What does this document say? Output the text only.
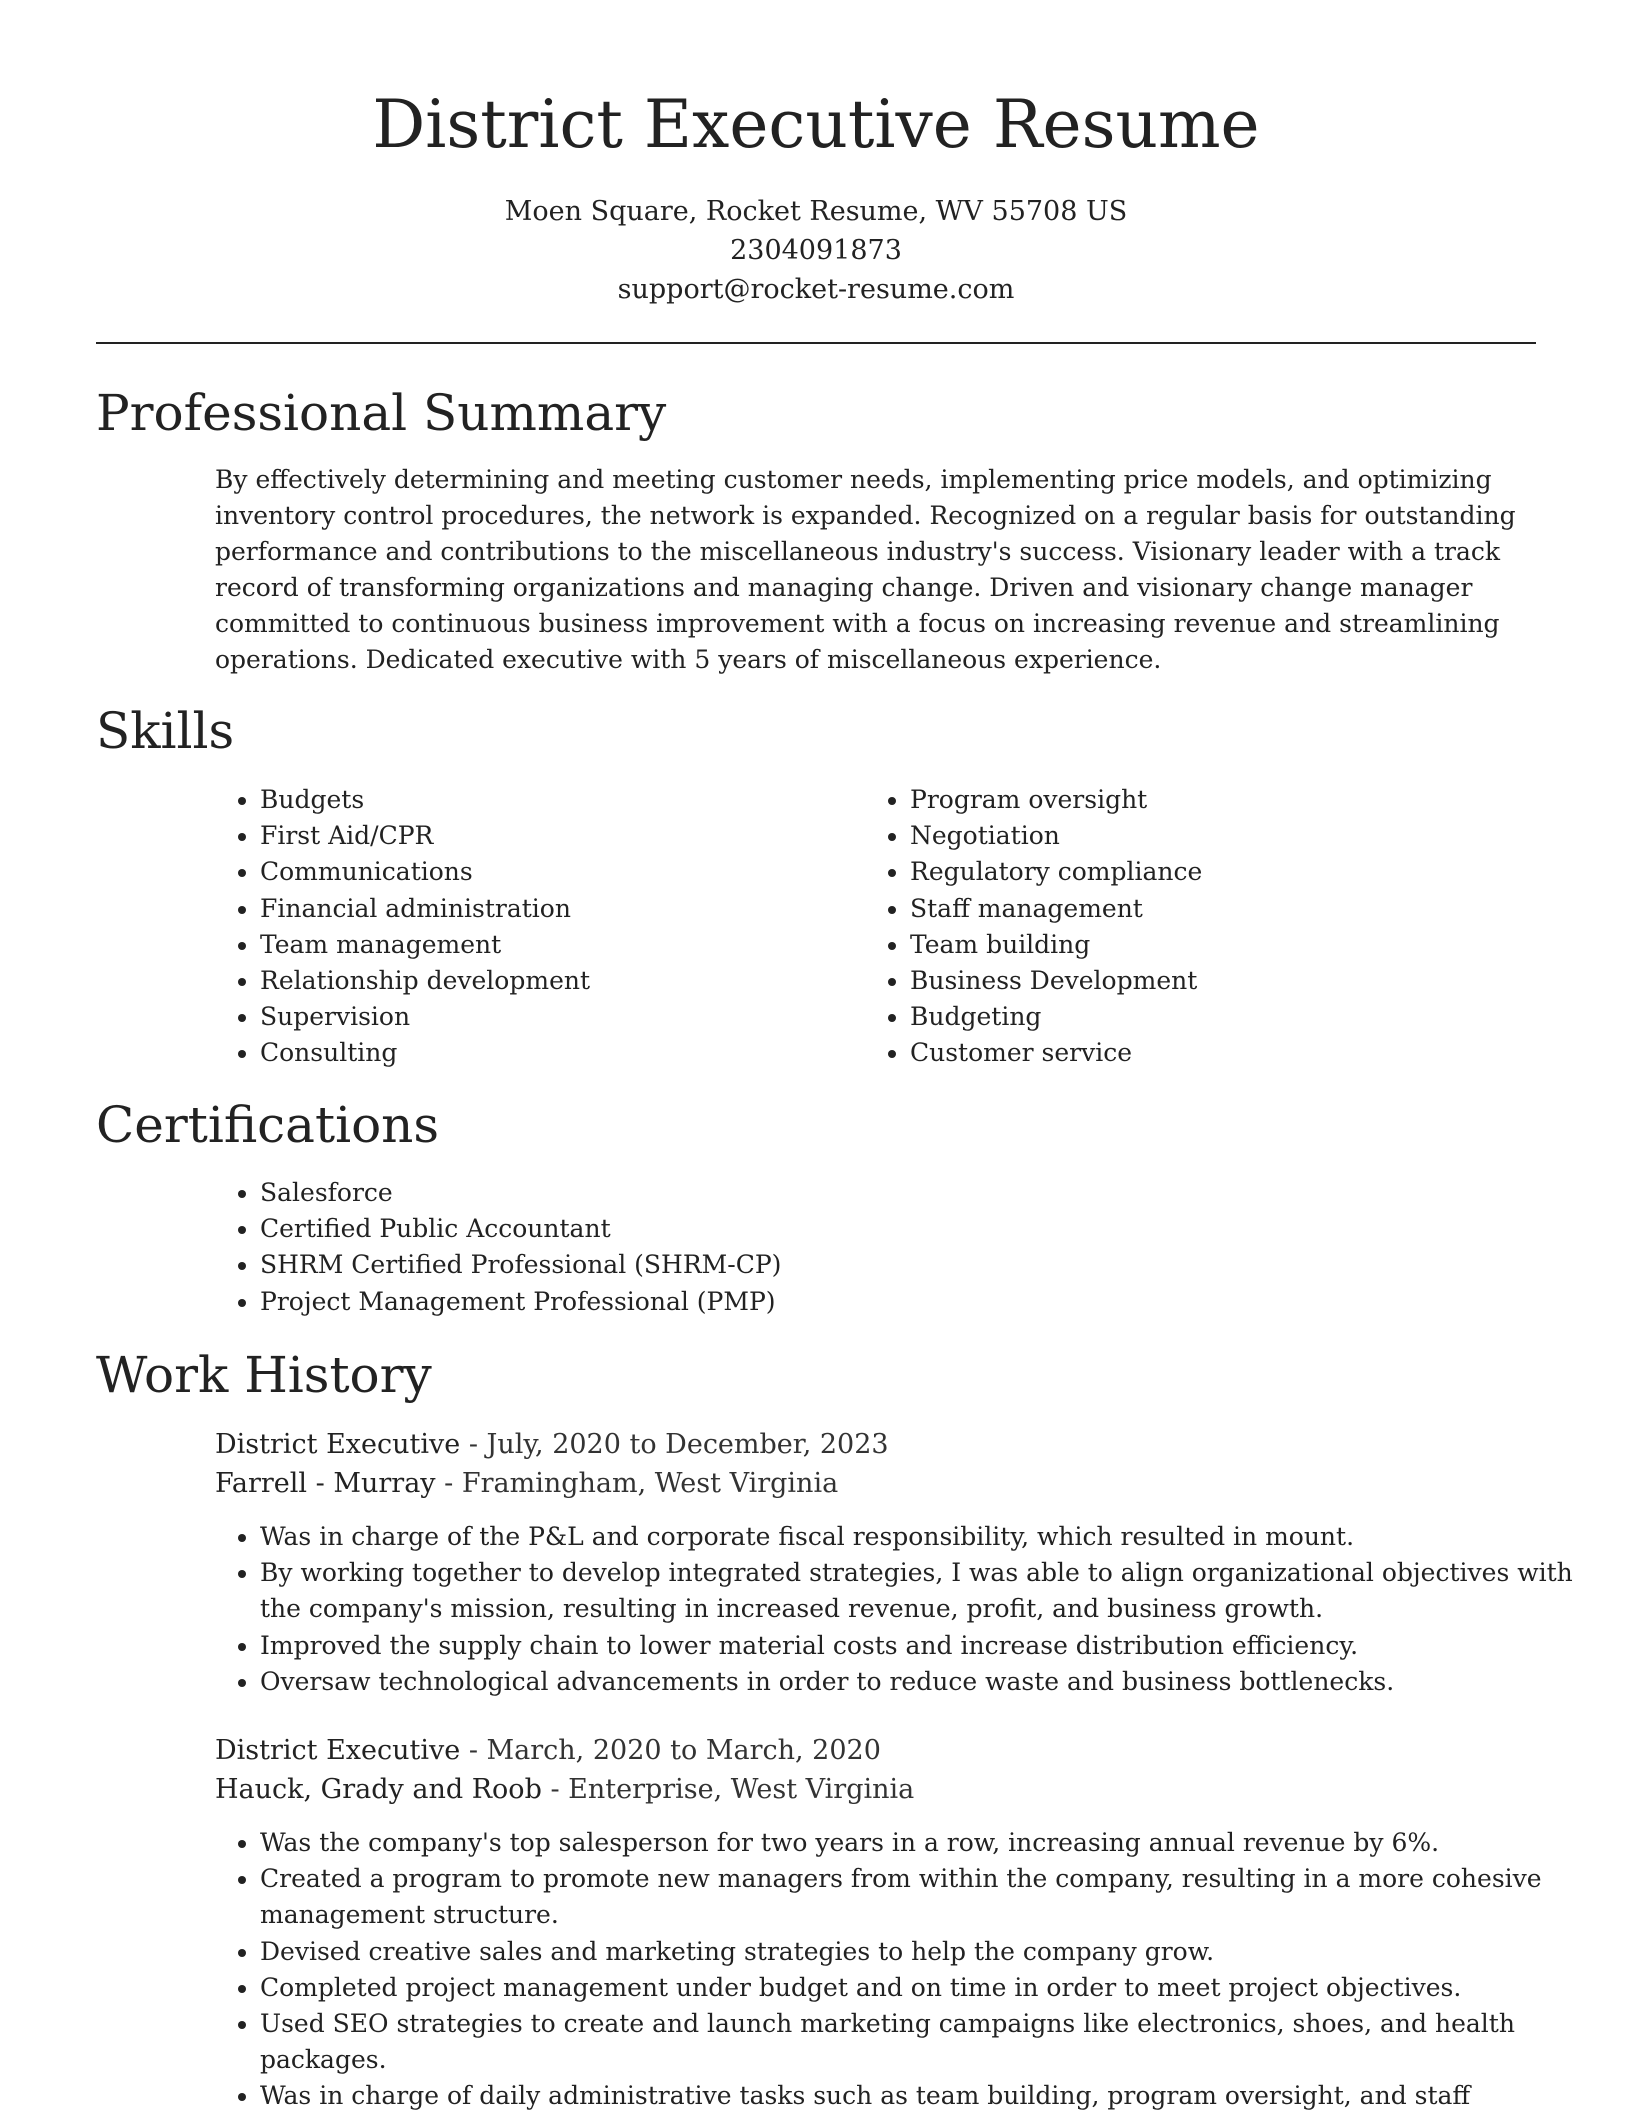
District Executive Resume
Moen Square, Rocket Resume, WV 55708 US
2304091873
support@rocket-resume.com
Professional Summary

By effectively determining and meeting customer needs, implementing price models, and optimizing inventory control procedures, the network is expanded. Recognized on a regular basis for outstanding performance and contributions to the miscellaneous industry's success. Visionary leader with a track record of transforming organizations and managing change. Driven and visionary change manager committed to continuous business improvement with a focus on increasing revenue and streamlining operations. Dedicated executive with 5 years of miscellaneous experience.

Skills
• Budgets
• First Aid/CPR
• Communications
• Financial administration
• Team management
• Relationship development
• Supervision
• Consulting
• Program oversight
• Negotiation
• Regulatory compliance
• Staff management
• Team building
• Business Development
• Budgeting
• Customer service
Certifications
• Salesforce
• Certified Public Accountant
• SHRM Certified Professional (SHRM-CP)
• Project Management Professional (PMP)
Work History
District Executive - July, 2020 to December, 2023
Farrell - Murray - Framingham, West Virginia
• Was in charge of the P&L and corporate fiscal responsibility, which resulted in mount.
• By working together to develop integrated strategies, I was able to align organizational objectives with the company's mission, resulting in increased revenue, profit, and business growth.
• Improved the supply chain to lower material costs and increase distribution efficiency.
• Oversaw technological advancements in order to reduce waste and business bottlenecks.
District Executive - March, 2020 to March, 2020
Hauck, Grady and Roob - Enterprise, West Virginia
• Was the company's top salesperson for two years in a row, increasing annual revenue by 6%.
• Created a program to promote new managers from within the company, resulting in a more cohesive management structure.
• Devised creative sales and marketing strategies to help the company grow.
• Completed project management under budget and on time in order to meet project objectives.
• Used SEO strategies to create and launch marketing campaigns like electronics, shoes, and health packages.
• Was in charge of daily administrative tasks such as team building, program oversight, and staff
